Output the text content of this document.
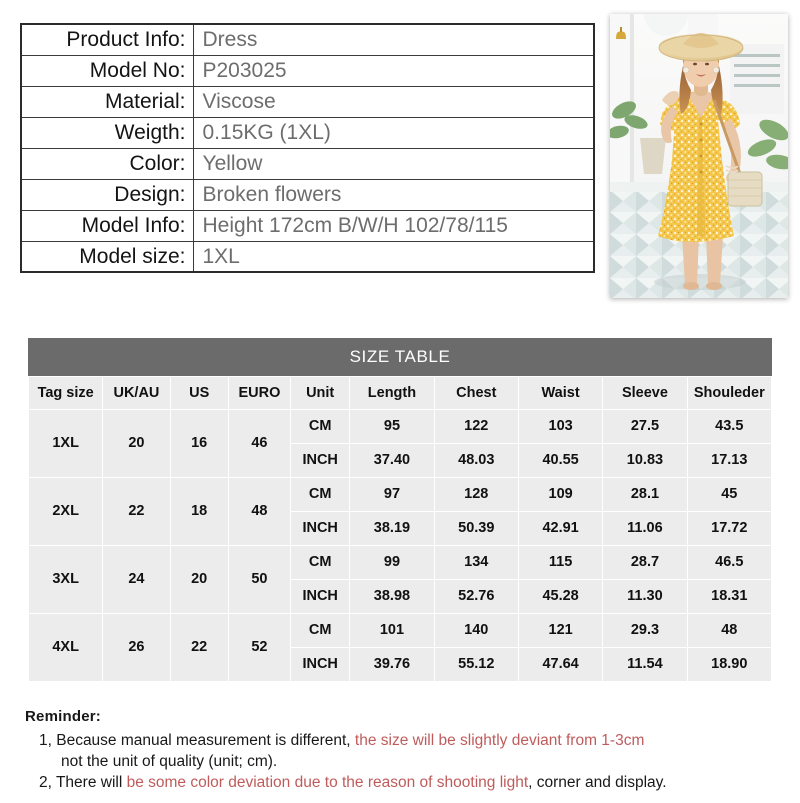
Product Info:	Dress
Model No:	P203025
Material:	Viscose
Weigth:	0.15KG (1XL)
Color:	Yellow
Design:	Broken flowers
Model Info:	Height 172cm B/W/H 102/78/115
Model size:	1XL
SIZE TABLE
Tag size	UK/AU	US	EURO	Unit	Length	Chest	Waist	Sleeve	Shouleder
1XL	20	16	46	CM	95	122	103	27.5	43.5
				INCH	37.40	48.03	40.55	10.83	17.13
2XL	22	18	48	CM	97	128	109	28.1	45
				INCH	38.19	50.39	42.91	11.06	17.72
3XL	24	20	50	CM	99	134	115	28.7	46.5
				INCH	38.98	52.76	45.28	11.30	18.31
4XL	26	22	52	CM	101	140	121	29.3	48
				INCH	39.76	55.12	47.64	11.54	18.90
Reminder:
1, Because manual measurement is different, the size will be slightly deviant from 1-3cm
not the unit of quality (unit; cm).
2, There will be some color deviation due to the reason of shooting light, corner and display.
